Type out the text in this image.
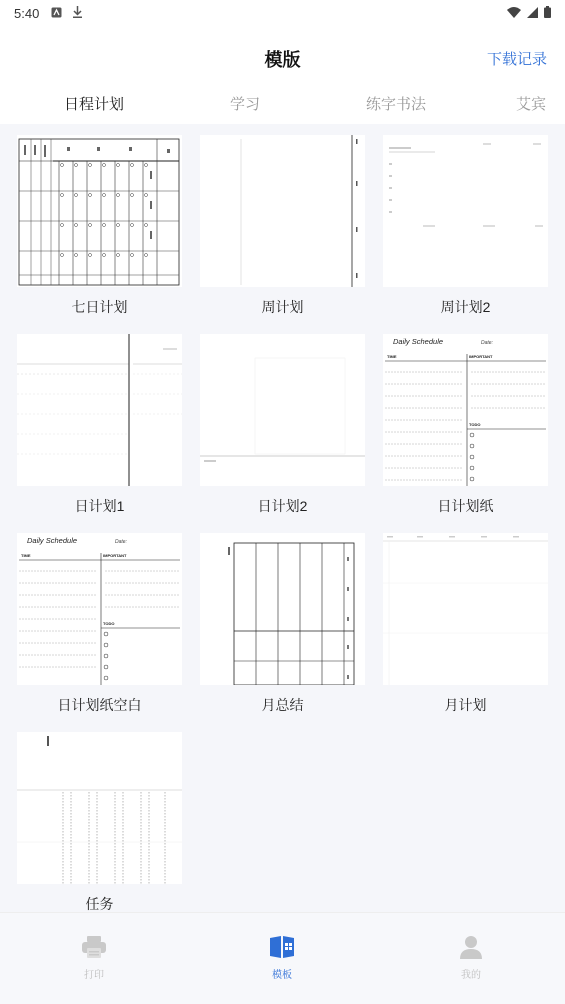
5:40
模版	下载记录
日程计划	学习	练字书法	艾宾
七日计划	周计划	周计划2
日计划1	日计划2
Daily Schedule	Date:
TIME	IMPORTANT
TODO
日计划纸
Daily Schedule	Date:
TIME	IMPORTANT
TODO
日计划纸空白	月总结	月计划
任务
打印	模板	我的
